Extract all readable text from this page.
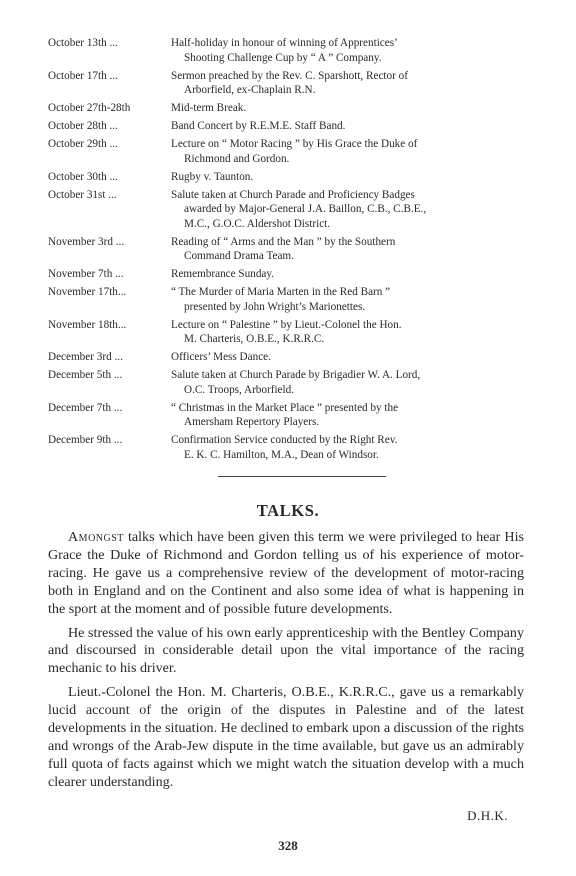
October 13th ...	Half-holiday in honour of winning of Apprentices’
Shooting Challenge Cup by “ A ” Company.
October 17th ...	Sermon preached by the Rev. C. Sparshott, Rector of
Arborfield, ex-Chaplain R.N.
October 27th-28th	Mid-term Break.
October 28th ...	Band Concert by R.E.M.E. Staff Band.
October 29th ...	Lecture on “ Motor Racing ” by His Grace the Duke of
Richmond and Gordon.
October 30th ...	Rugby v. Taunton.
October 31st ...	Salute taken at Church Parade and Proficiency Badges
awarded by Major-General J.A. Baillon, C.B., C.B.E.,
M.C., G.O.C. Aldershot District.
November 3rd ...	Reading of “ Arms and the Man ” by the Southern
Command Drama Team.
November 7th ...	Remembrance Sunday.
November 17th...	“ The Murder of Maria Marten in the Red Barn ”
presented by John Wright’s Marionettes.
November 18th...	Lecture on “ Palestine ” by Lieut.-Colonel the Hon.
M. Charteris, O.B.E., K.R.R.C.
December 3rd ...	Officers’ Mess Dance.
December 5th ...	Salute taken at Church Parade by Brigadier W. A. Lord,
O.C. Troops, Arborfield.
December 7th ...	“ Christmas in the Market Place ” presented by the
Amersham Repertory Players.
December 9th ...	Confirmation Service conducted by the Right Rev.
E. K. C. Hamilton, M.A., Dean of Windsor.
TALKS.

Amongst talks which have been given this term we were privileged to hear His Grace the Duke of Richmond and Gordon telling us of his experience of motor-racing. He gave us a comprehensive review of the development of motor-racing both in England and on the Continent and also some idea of what is happening in the sport at the moment and of possible future developments.

He stressed the value of his own early apprenticeship with the Bentley Company and discoursed in considerable detail upon the vital importance of the racing mechanic to his driver.

Lieut.-Colonel the Hon. M. Charteris, O.B.E., K.R.R.C., gave us a remarkably lucid account of the origin of the disputes in Palestine and of the latest developments in the situation. He declined to embark upon a discussion of the rights and wrongs of the Arab-Jew dispute in the time available, but gave us an admirably full quota of facts against which we might watch the situation develop with a much clearer understanding.

D.H.K.
328
